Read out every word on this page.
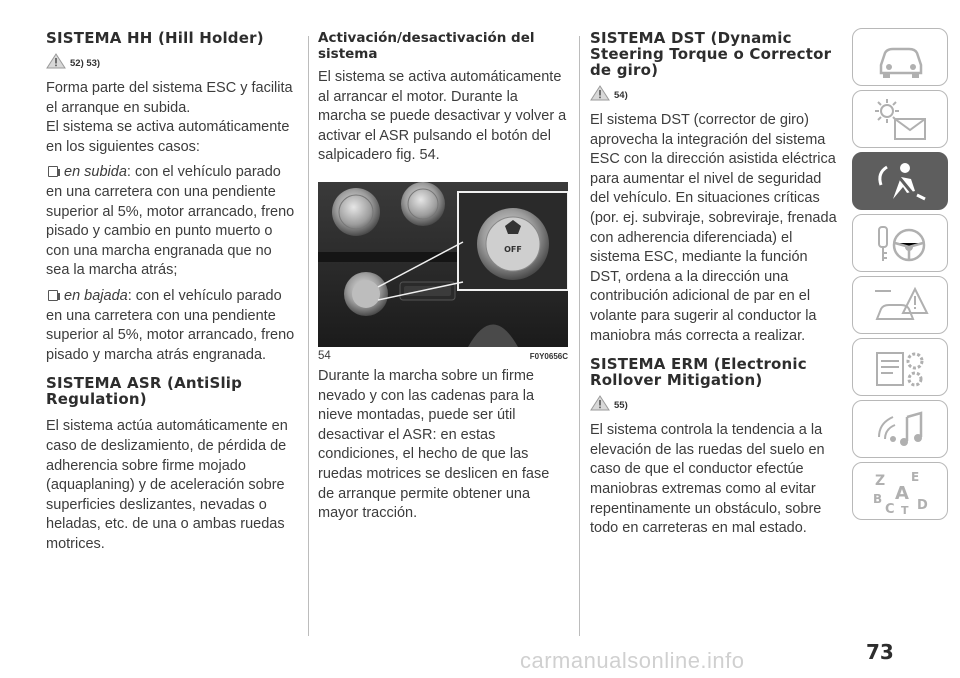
SISTEMA HH (Hill Holder)
52) 53)

Forma parte del sistema ESC y facilita el arranque en subida.

El sistema se activa automáticamente en los siguientes casos:

en subida: con el vehículo parado en una carretera con una pendiente superior al 5%, motor arrancado, freno pisado y cambio en punto muerto o con una marcha engranada que no sea la marcha atrás;
en bajada: con el vehículo parado en una carretera con una pendiente superior al 5%, motor arrancado, freno pisado y marcha atrás engranada.
SISTEMA ASR (AntiSlip Regulation)

El sistema actúa automáticamente en caso de deslizamiento, de pérdida de adherencia sobre firme mojado (aquaplaning) y de aceleración sobre superficies deslizantes, nevadas o heladas, etc. de una o ambas ruedas motrices.

Activación/desactivación del sistema

El sistema se activa automáticamente al arrancar el motor. Durante la marcha se puede desactivar y volver a activar el ASR pulsando el botón del salpicadero fig. 54.

OFF
54	F0Y0656C

Durante la marcha sobre un firme nevado y con las cadenas para la nieve montadas, puede ser útil desactivar el ASR: en estas condiciones, el hecho de que las ruedas motrices se deslicen en fase de arranque permite obtener una mayor tracción.

SISTEMA DST (Dynamic Steering Torque o Corrector de giro)
54)

El sistema DST (corrector de giro) aprovecha la integración del sistema ESC con la dirección asistida eléctrica para aumentar el nivel de seguridad del vehículo. En situaciones críticas (por. ej. subviraje, sobreviraje, frenada con adherencia diferenciada) el sistema ESC, mediante la función DST, ordena a la dirección una contribución adicional de par en el volante para sugerir al conductor la maniobra más correcta a realizar.

SISTEMA ERM (Electronic Rollover Mitigation)
55)

El sistema controla la tendencia a la elevación de las ruedas del suelo en caso de que el conductor efectúe maniobras extremas como al evitar repentinamente un obstáculo, sobre todo en carreteras en mal estado.

Z E
A
B
C T D
carmanualsonline.info	73
